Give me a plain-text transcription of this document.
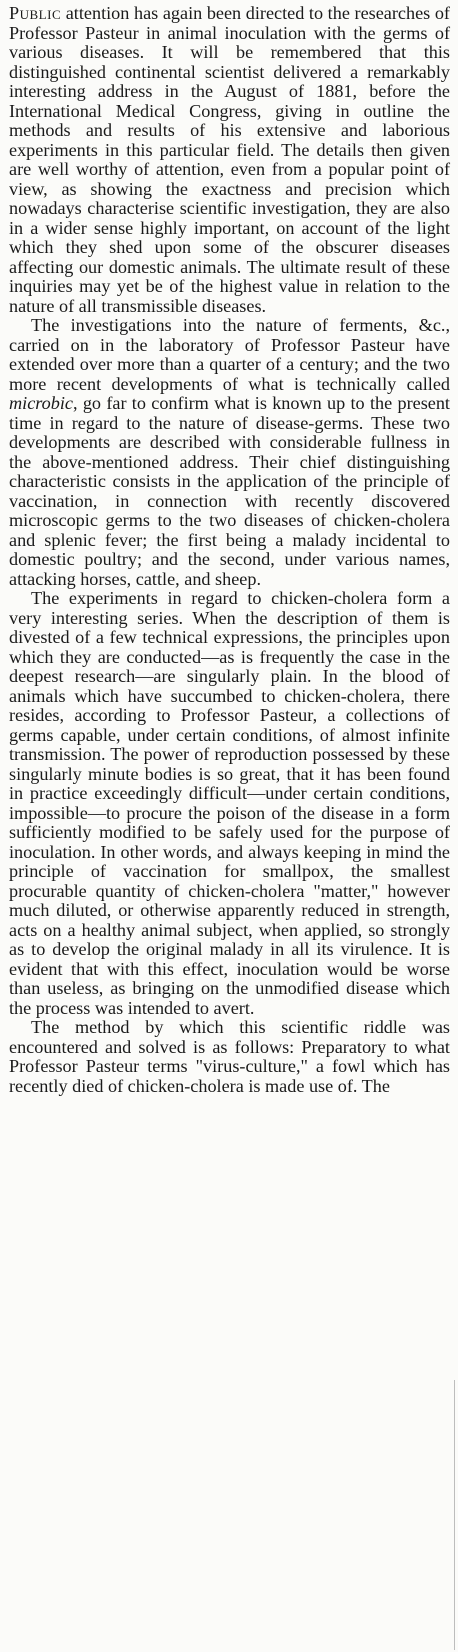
Public attention has again been directed to the researches of Professor Pasteur in animal inoculation with the germs of various diseases. It will be remembered that this distinguished continental scientist delivered a remarkably interesting address in the August of 1881, before the International Medical Congress, giving in outline the methods and results of his extensive and laborious experiments in this particular field. The details then given are well worthy of attention, even from a popular point of view, as showing the exactness and precision which nowadays characterise scientific investigation, they are also in a wider sense highly important, on account of the light which they shed upon some of the obscurer diseases affecting our domestic animals. The ultimate result of these inquiries may yet be of the highest value in relation to the nature of all transmissible diseases.

The investigations into the nature of ferments, &c., carried on in the laboratory of Professor Pasteur have extended over more than a quarter of a century; and the two more recent developments of what is technically called microbic, go far to confirm what is known up to the present time in regard to the nature of disease-germs. These two developments are described with considerable fullness in the above-mentioned address. Their chief distinguishing characteristic consists in the application of the principle of vaccination, in connection with recently discovered microscopic germs to the two diseases of chicken-cholera and splenic fever; the first being a malady incidental to domestic poultry; and the second, under various names, attacking horses, cattle, and sheep.

The experiments in regard to chicken-cholera form a very interesting series. When the description of them is divested of a few technical expressions, the principles upon which they are conducted—as is frequently the case in the deepest research—are singularly plain. In the blood of animals which have succumbed to chicken-cholera, there resides, according to Professor Pasteur, a collections of germs capable, under certain conditions, of almost infinite transmission. The power of reproduction possessed by these singularly minute bodies is so great, that it has been found in practice exceedingly difficult—under certain conditions, impossible—to procure the poison of the disease in a form sufficiently modified to be safely used for the purpose of inoculation. In other words, and always keeping in mind the principle of vaccination for smallpox, the smallest procurable quantity of chicken-cholera "matter," however much diluted, or otherwise apparently reduced in strength, acts on a healthy animal subject, when applied, so strongly as to develop the original malady in all its virulence. It is evident that with this effect, inoculation would be worse than useless, as bringing on the unmodified disease which the process was intended to avert.

The method by which this scientific riddle was encountered and solved is as follows: Preparatory to what Professor Pasteur terms "virus-culture," a fowl which has recently died of chicken-cholera is made use of. The
